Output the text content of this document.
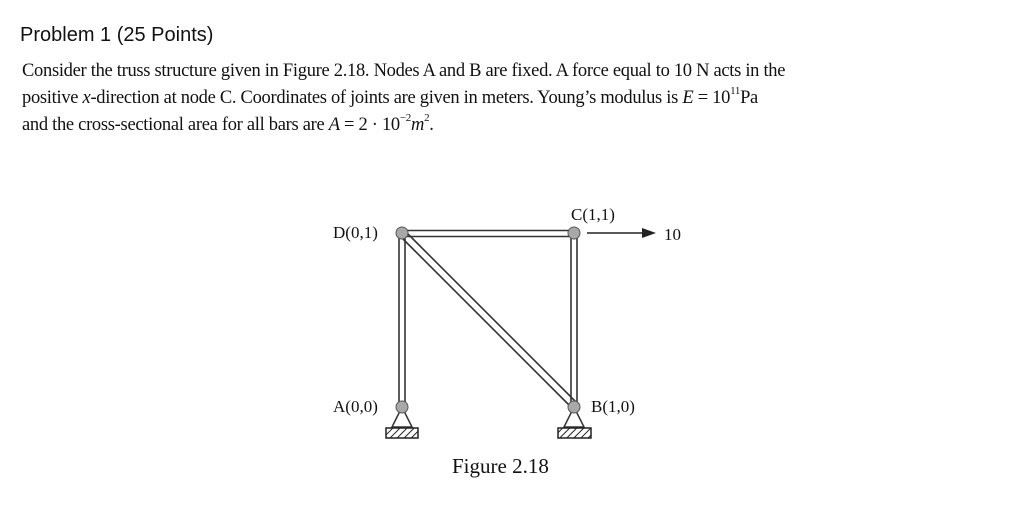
Problem 1 (25 Points)
Consider the truss structure given in Figure 2.18. Nodes A and B are fixed. A force equal to 10 N acts in the
positive x-direction at node C. Coordinates of joints are given in meters. Young’s modulus is $E = 10^{11}Pa$
and the cross-sectional area for all bars are $A = 2 \cdot 10^{-2}m^2$.
D(0,1)
C(1,1)
A(0,0)	B(1,0)
10
Figure 2.18
